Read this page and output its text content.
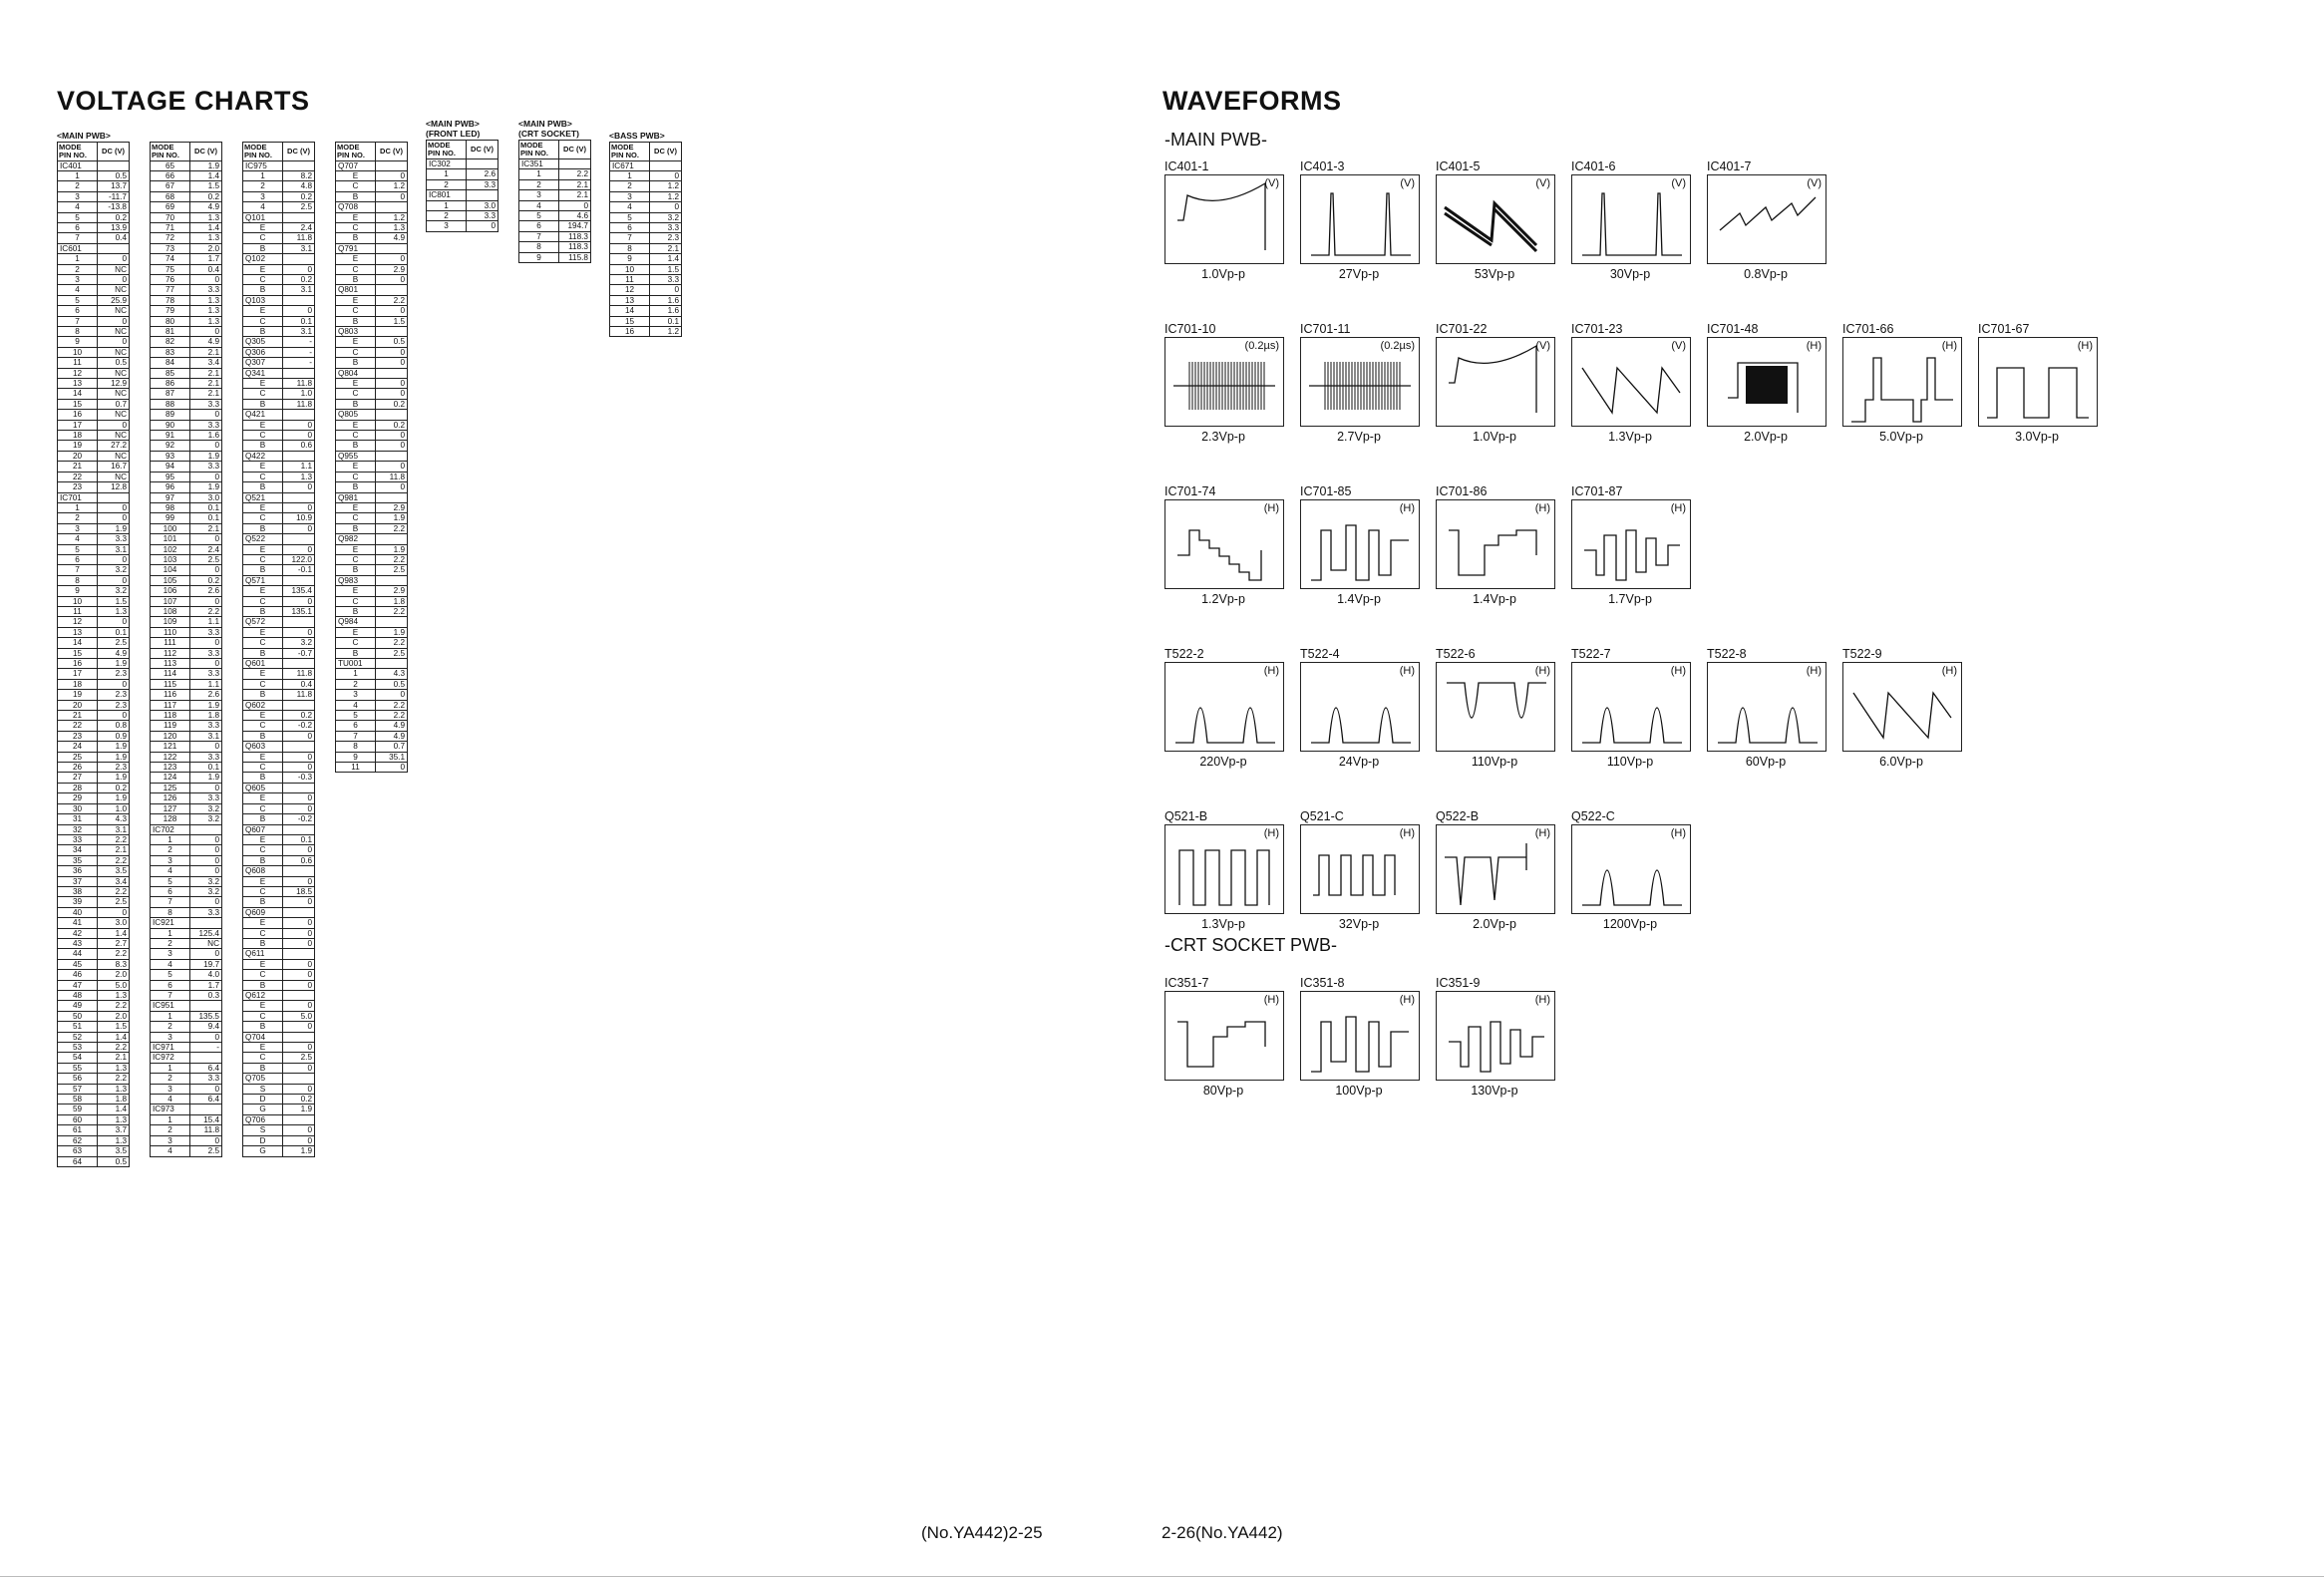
VOLTAGE CHARTS	WAVEFORMS
<MAIN PWB>
MODE
PIN NO.	DC (V)
IC401	
1	0.5
2	13.7
3	-11.7
4	-13.8
5	0.2
6	13.9
7	0.4
IC601	
1	0
2	NC
3	0
4	NC
5	25.9
6	NC
7	0
8	NC
9	0
10	NC
11	0.5
12	NC
13	12.9
14	NC
15	0.7
16	NC
17	0
18	NC
19	27.2
20	NC
21	16.7
22	NC
23	12.8
IC701	
1	0
2	0
3	1.9
4	3.3
5	3.1
6	0
7	3.2
8	0
9	3.2
10	1.5
11	1.3
12	0
13	0.1
14	2.5
15	4.9
16	1.9
17	2.3
18	0
19	2.3
20	2.3
21	0
22	0.8
23	0.9
24	1.9
25	1.9
26	2.3
27	1.9
28	0.2
29	1.9
30	1.0
31	4.3
32	3.1
33	2.2
34	2.1
35	2.2
36	3.5
37	3.4
38	2.2
39	2.5
40	0
41	3.0
42	1.4
43	2.7
44	2.2
45	8.3
46	2.0
47	5.0
48	1.3
49	2.2
50	2.0
51	1.5
52	1.4
53	2.2
54	2.1
55	1.3
56	2.2
57	1.3
58	1.8
59	1.4
60	1.3
61	3.7
62	1.3
63	3.5
64	0.5
MODE
PIN NO.	DC (V)
65	1.9
66	1.4
67	1.5
68	0.2
69	4.9
70	1.3
71	1.4
72	1.3
73	2.0
74	1.7
75	0.4
76	0
77	3.3
78	1.3
79	1.3
80	1.3
81	0
82	4.9
83	2.1
84	3.4
85	2.1
86	2.1
87	2.1
88	3.3
89	0
90	3.3
91	1.6
92	0
93	1.9
94	3.3
95	0
96	1.9
97	3.0
98	0.1
99	0.1
100	2.1
101	0
102	2.4
103	2.5
104	0
105	0.2
106	2.6
107	0
108	2.2
109	1.1
110	3.3
111	0
112	3.3
113	0
114	3.3
115	1.1
116	2.6
117	1.9
118	1.8
119	3.3
120	3.1
121	0
122	3.3
123	0.1
124	1.9
125	0
126	3.3
127	3.2
128	3.2
IC702	
1	0
2	0
3	0
4	0
5	3.2
6	3.2
7	0
8	3.3
IC921	
1	125.4
2	NC
3	0
4	19.7
5	4.0
6	1.7
7	0.3
IC951	
1	135.5
2	9.4
3	0
IC971	-
IC972	
1	6.4
2	3.3
3	0
4	6.4
IC973	
1	15.4
2	11.8
3	0
4	2.5
MODE
PIN NO.	DC (V)
IC975	
1	8.2
2	4.8
3	0.2
4	2.5
Q101	
E	2.4
C	11.8
B	3.1
Q102	
E	0
C	0.2
B	3.1
Q103	
E	0
C	0.1
B	3.1
Q305	-
Q306	-
Q307	-
Q341	
E	11.8
C	1.0
B	11.8
Q421	
E	0
C	0
B	0.6
Q422	
E	1.1
C	1.3
B	0
Q521	
E	0
C	10.9
B	0
Q522	
E	0
C	122.0
B	-0.1
Q571	
E	135.4
C	0
B	135.1
Q572	
E	0
C	3.2
B	-0.7
Q601	
E	11.8
C	0.4
B	11.8
Q602	
E	0.2
C	-0.2
B	0
Q603	
E	0
C	0
B	-0.3
Q605	
E	0
C	0
B	-0.2
Q607	
E	0.1
C	0
B	0.6
Q608	
E	0
C	18.5
B	0
Q609	
E	0
C	0
B	0
Q611	
E	0
C	0
B	0
Q612	
E	0
C	5.0
B	0
Q704	
E	0
C	2.5
B	0
Q705	
S	0
D	0.2
G	1.9
Q706	
S	0
D	0
G	1.9
MODE
PIN NO.	DC (V)
Q707	
E	0
C	1.2
B	0
Q708	
E	1.2
C	1.3
B	4.9
Q791	
E	0
C	2.9
B	0
Q801	
E	2.2
C	0
B	1.5
Q803	
E	0.5
C	0
B	0
Q804	
E	0
C	0
B	0.2
Q805	
E	0.2
C	0
B	0
Q955	
E	0
C	11.8
B	0
Q981	
E	2.9
C	1.9
B	2.2
Q982	
E	1.9
C	2.2
B	2.5
Q983	
E	2.9
C	1.8
B	2.2
Q984	
E	1.9
C	2.2
B	2.5
TU001	
1	4.3
2	0.5
3	0
4	2.2
5	2.2
6	4.9
7	4.9
8	0.7
9	35.1
11	0
<MAIN PWB>
(FRONT LED)
MODE
PIN NO.	DC (V)
IC302	
1	2.6
2	3.3
IC801	
1	3.0
2	3.3
3	0
<MAIN PWB>
(CRT SOCKET)
MODE
PIN NO.	DC (V)
IC351	
1	2.2
2	2.1
3	2.1
4	0
5	4.6
6	194.7
7	118.3
8	118.3
9	115.8
<BASS PWB>
MODE
PIN NO.	DC (V)
IC671	
1	0
2	1.2
3	1.2
4	0
5	3.2
6	3.3
7	2.3
8	2.1
9	1.4
10	1.5
11	3.3
12	0
13	1.6
14	1.6
15	0.1
16	1.2
-MAIN PWB-
-CRT SOCKET PWB-
IC401-1
(V)
1.0Vp-p
IC401-3
(V)
27Vp-p
IC401-5
(V)
53Vp-p
IC401-6
(V)
30Vp-p
IC401-7
(V)
0.8Vp-p
IC701-10
(0.2µs)
2.3Vp-p
IC701-11
(0.2µs)
2.7Vp-p
IC701-22
(V)
1.0Vp-p
IC701-23
(V)
1.3Vp-p
IC701-48
(H)
2.0Vp-p
IC701-66
(H)
5.0Vp-p
IC701-67
(H)
3.0Vp-p
IC701-74
(H)
1.2Vp-p
IC701-85
(H)
1.4Vp-p
IC701-86
(H)
1.4Vp-p
IC701-87
(H)
1.7Vp-p
T522-2
(H)
220Vp-p
T522-4
(H)
24Vp-p
T522-6
(H)
110Vp-p
T522-7
(H)
110Vp-p
T522-8
(H)
60Vp-p
T522-9
(H)
6.0Vp-p
Q521-B
(H)
1.3Vp-p
Q521-C
(H)
32Vp-p
Q522-B
(H)
2.0Vp-p
Q522-C
(H)
1200Vp-p
IC351-7
(H)
80Vp-p
IC351-8
(H)
100Vp-p
IC351-9
(H)
130Vp-p
(No.YA442)2-25	2-26(No.YA442)
